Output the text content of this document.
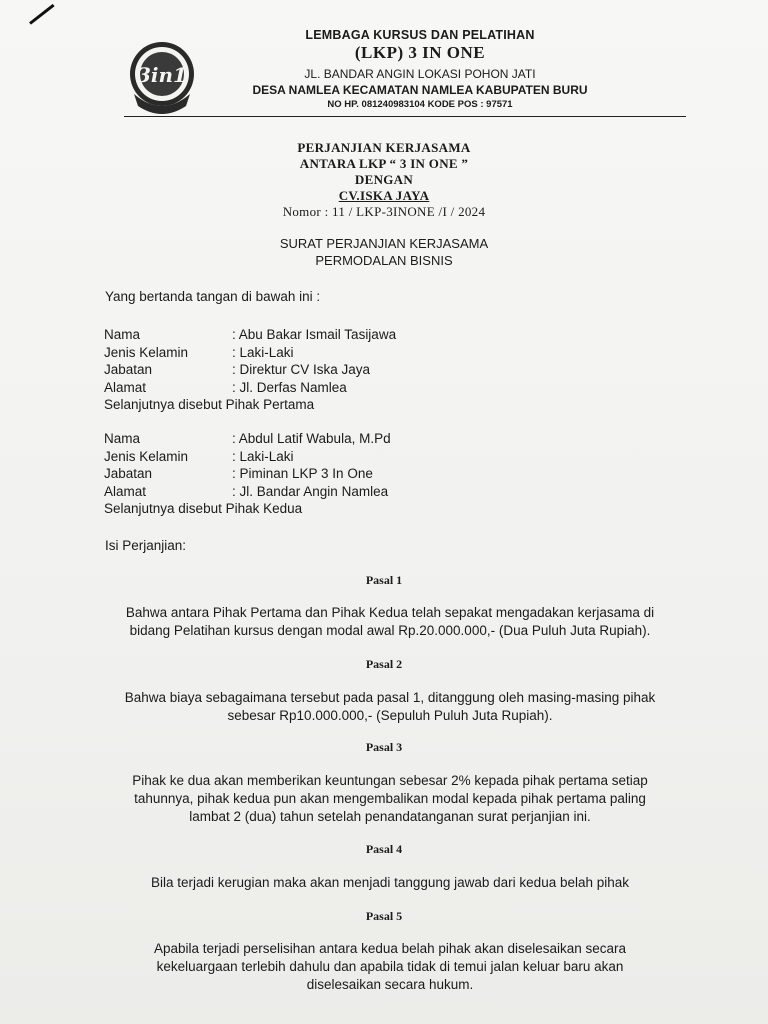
3in1
LEMBAGA KURSUS DAN PELATIHAN
(LKP) 3 IN ONE
JL. BANDAR ANGIN LOKASI POHON JATI
DESA NAMLEA KECAMATAN NAMLEA KABUPATEN BURU
NO HP. 081240983104 KODE POS : 97571
PERJANJIAN KERJASAMA
ANTARA LKP “ 3 IN ONE ”
DENGAN
CV.ISKA JAYA
Nomor : 11 / LKP-3INONE /I / 2024
SURAT PERJANJIAN KERJASAMA
PERMODALAN BISNIS
Yang bertanda tangan di bawah ini :
Nama	: Abu Bakar Ismail Tasijawa
Jenis Kelamin	: Laki-Laki
Jabatan	: Direktur CV Iska Jaya
Alamat	: Jl. Derfas Namlea
Selanjutnya disebut Pihak Pertama
Nama	: Abdul Latif Wabula, M.Pd
Jenis Kelamin	: Laki-Laki
Jabatan	: Piminan LKP 3 In One
Alamat	: Jl. Bandar Angin Namlea
Selanjutnya disebut Pihak Kedua
Isi Perjanjian:
Pasal 1
Bahwa antara Pihak Pertama dan Pihak Kedua telah sepakat mengadakan kerjasama di
bidang Pelatihan kursus dengan modal awal Rp.20.000.000,- (Dua Puluh Juta Rupiah).
Pasal 2
Bahwa biaya sebagaimana tersebut pada pasal 1, ditanggung oleh masing-masing pihak
sebesar Rp10.000.000,- (Sepuluh Puluh Juta Rupiah).
Pasal 3
Pihak ke dua akan memberikan keuntungan sebesar 2% kepada pihak pertama setiap
tahunnya, pihak kedua pun akan mengembalikan modal kepada pihak pertama paling
lambat 2 (dua) tahun setelah penandatanganan surat perjanjian ini.
Pasal 4
Bila terjadi kerugian maka akan menjadi tanggung jawab dari kedua belah pihak
Pasal 5
Apabila terjadi perselisihan antara kedua belah pihak akan diselesaikan secara
kekeluargaan terlebih dahulu dan apabila tidak di temui jalan keluar baru akan
diselesaikan secara hukum.
